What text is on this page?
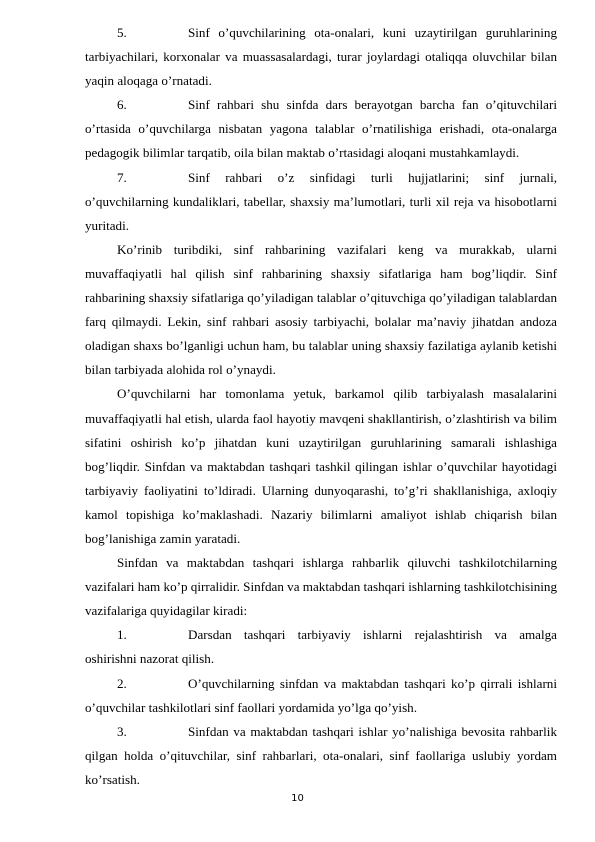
5.	Sinf o’quvchilarining ota-onalari, kuni uzaytirilgan guruhlarining tarbiyachilari, korxonalar va muassasalardagi, turar joylardagi otaliqqa oluvchilar bilan yaqin aloqaga o’rnatadi.

6.	Sinf rahbari shu sinfda dars berayotgan barcha fan o’qituvchilari o’rtasida o’quvchilarga nisbatan yagona talablar o’rnatilishiga erishadi, ota-onalarga pedagogik bilimlar tarqatib, oila bilan maktab o’rtasidagi aloqani mustahkamlaydi.

7.	Sinf rahbari o’z sinfidagi turli hujjatlarini; sinf jurnali, o’quvchilarning kundaliklari, tabellar, shaxsiy ma’lumotlari, turli xil reja va hisobotlarni yuritadi.

Ko’rinib turibdiki, sinf rahbarining vazifalari keng va murakkab, ularni muvaffaqiyatli hal qilish sinf rahbarining shaxsiy sifatlariga ham bog’liqdir. Sinf rahbarining shaxsiy sifatlariga qo’yiladigan talablar o’qituvchiga qo’yiladigan talablardan farq qilmaydi. Lekin, sinf rahbari asosiy tarbiyachi, bolalar ma’naviy jihatdan andoza oladigan shaxs bo’lganligi uchun ham, bu talablar uning shaxsiy fazilatiga aylanib ketishi bilan tarbiyada alohida rol o’ynaydi.

O’quvchilarni har tomonlama yetuk, barkamol qilib tarbiyalash masalalarini muvaffaqiyatli hal etish, ularda faol hayotiy mavqeni shakllantirish, o’zlashtirish va bilim sifatini oshirish ko’p jihatdan kuni uzaytirilgan guruhlarining samarali ishlashiga bog’liqdir. Sinfdan va maktabdan tashqari tashkil qilingan ishlar o’quvchilar hayotidagi tarbiyaviy faoliyatini to’ldiradi. Ularning dunyoqarashi, to’g’ri shakllanishiga, axloqiy kamol topishiga ko’maklashadi. Nazariy bilimlarni amaliyot ishlab chiqarish bilan bog’lanishiga zamin yaratadi.

Sinfdan va maktabdan tashqari ishlarga rahbarlik qiluvchi tashkilotchilarning vazifalari ham ko’p qirralidir. Sinfdan va maktabdan tashqari ishlarning tashkilotchisining vazifalariga quyidagilar kiradi:

1.	Darsdan tashqari tarbiyaviy ishlarni rejalashtirish va amalga oshirishni nazorat qilish.

2.	O’quvchilarning sinfdan va maktabdan tashqari ko’p qirrali ishlarni o’quvchilar tashkilotlari sinf faollari yordamida yo’lga qo’yish.

3.	Sinfdan va maktabdan tashqari ishlar yo’nalishiga bevosita rahbarlik qilgan holda o’qituvchilar, sinf rahbarlari, ota-onalari, sinf faollariga uslubiy yordam ko’rsatish.

10
